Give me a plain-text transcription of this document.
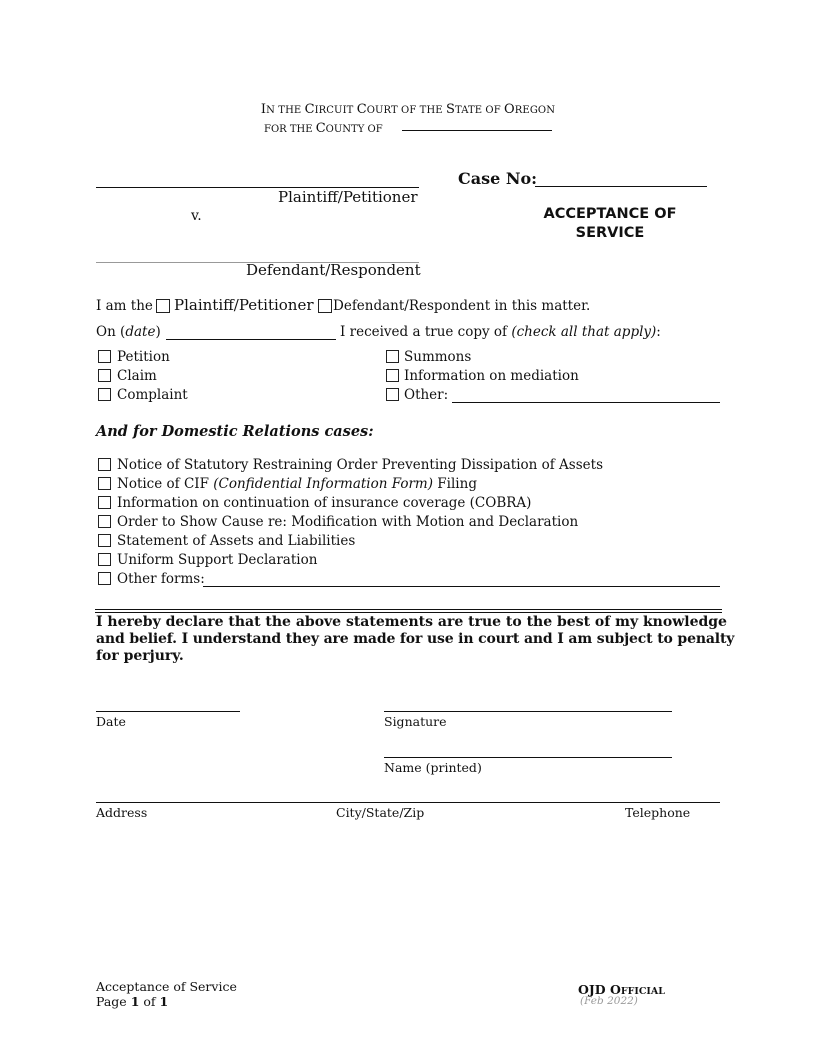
IN THE CIRCUIT COURT OF THE STATE OF OREGON
FOR THE COUNTY OF
Plaintiff/Petitioner
v.
Defendant/Respondent
Case No:
ACCEPTANCE OF
SERVICE
I am the Plaintiff/Petitioner Defendant/Respondent in this matter.
On (date)	I received a true copy of (check all that apply):
Petition
Claim
Complaint
Summons
Information on mediation
Other:
And for Domestic Relations cases:
Notice of Statutory Restraining Order Preventing Dissipation of Assets
Notice of CIF (Confidential Information Form) Filing
Information on continuation of insurance coverage (COBRA)
Order to Show Cause re: Modification with Motion and Declaration
Statement of Assets and Liabilities
Uniform Support Declaration
Other forms:
I hereby declare that the above statements are true to the best of my knowledge
and belief. I understand they are made for use in court and I am subject to penalty
for perjury.
Date	Signature
Name (printed)
Address	City/State/Zip	Telephone
Acceptance of Service
Page 1 of 1
OJD OFFICIAL
(Feb 2022)
